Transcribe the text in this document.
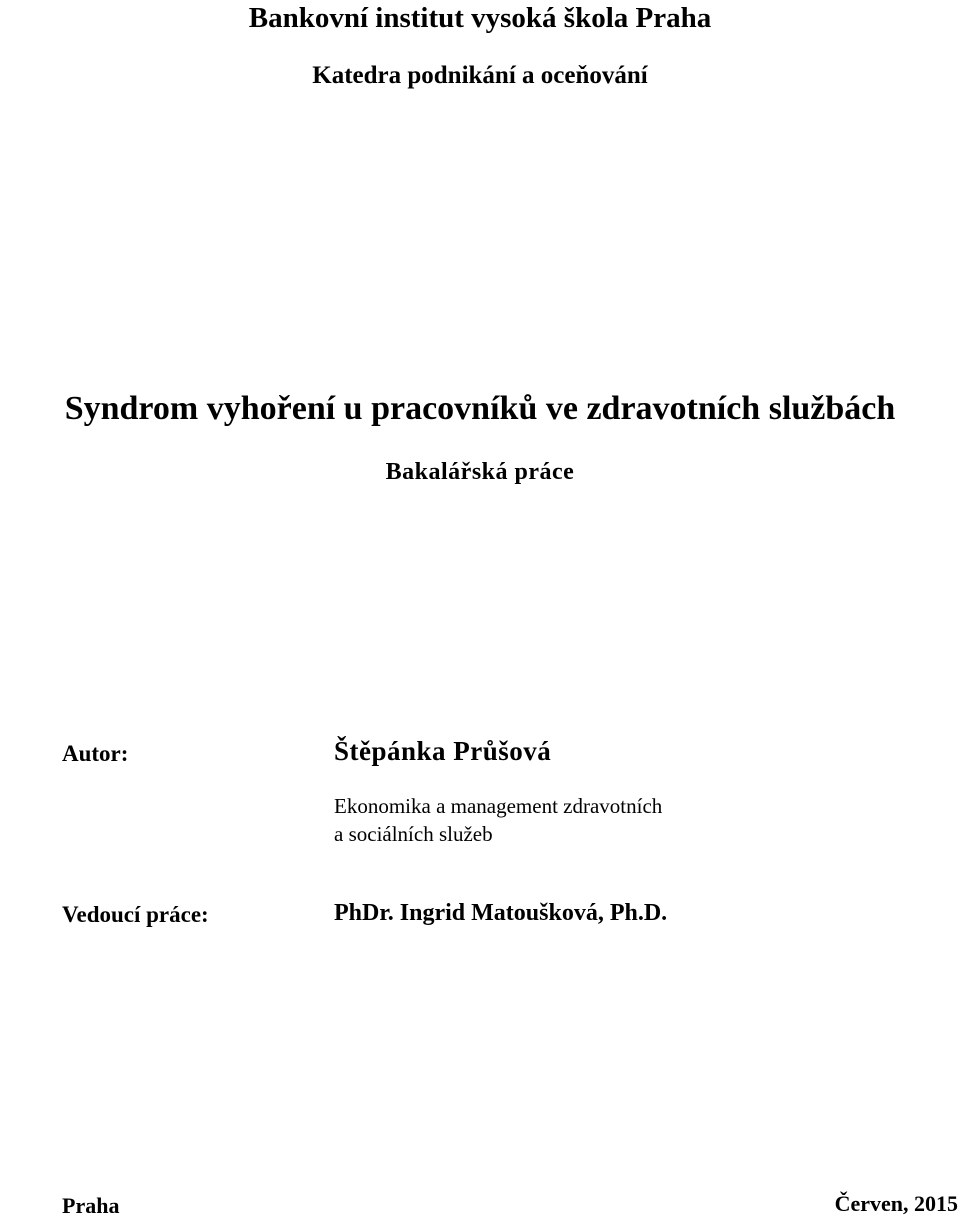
Bankovní institut vysoká škola Praha
Katedra podnikání a oceňování
Syndrom vyhoření u pracovníků ve zdravotních službách
Bakalářská práce
Autor:	Štěpánka Průšová
Ekonomika a management zdravotních
a sociálních služeb
Vedoucí práce:	PhDr. Ingrid Matoušková, Ph.D.
Praha	Červen, 2015
